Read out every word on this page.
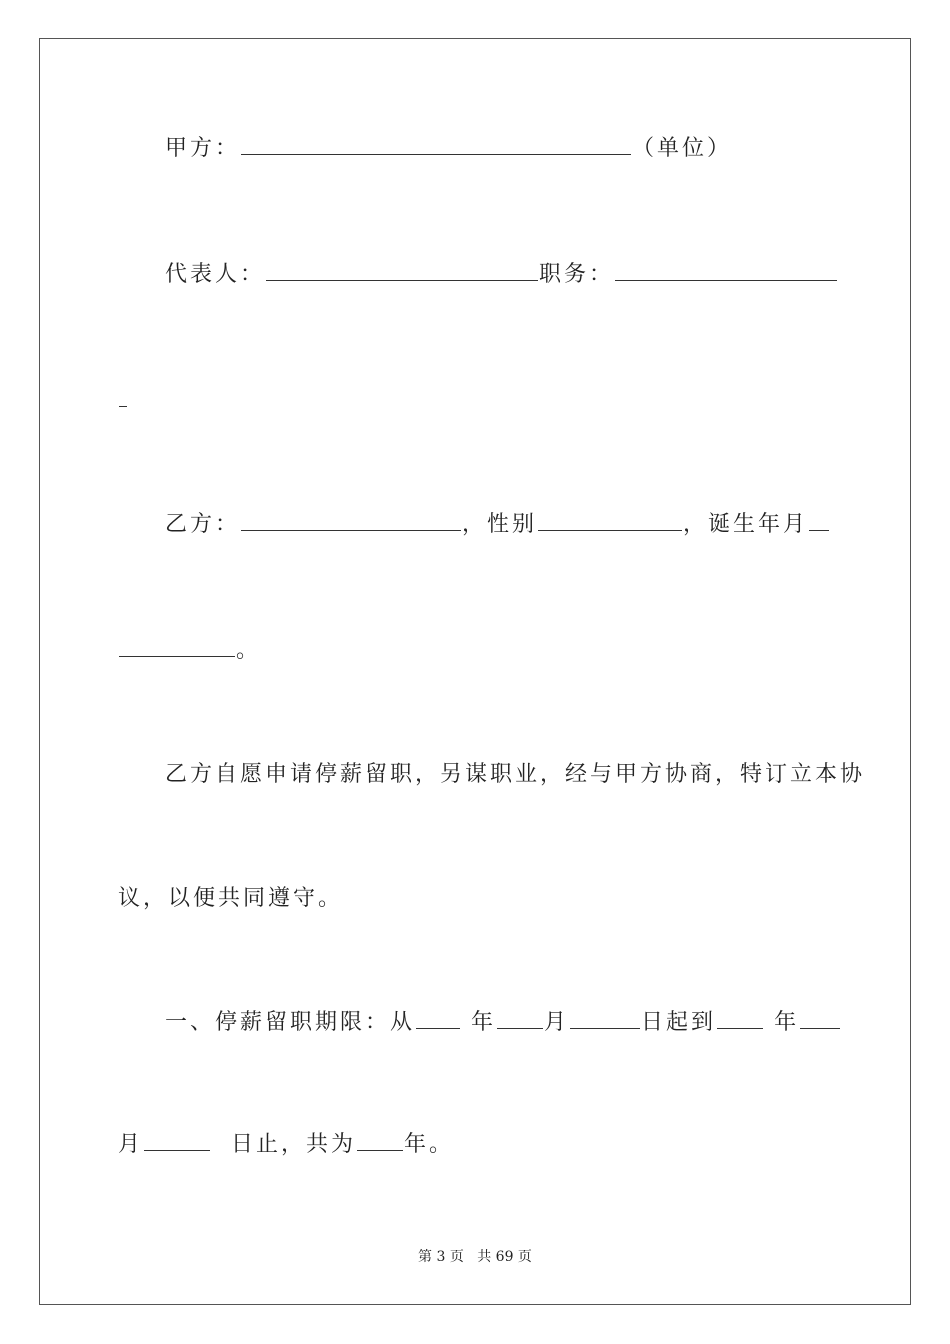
甲方：	（单位）
代表人：	职务：
乙方：	，性别	，诞生年月
。
乙方自愿申请停薪留职，另谋职业，经与甲方协商，特订立本协
议，以便共同遵守。
一、停薪留职期限：从	年 月	日起到	年
月	日止，共为 年。
第 3 页 共 69 页
